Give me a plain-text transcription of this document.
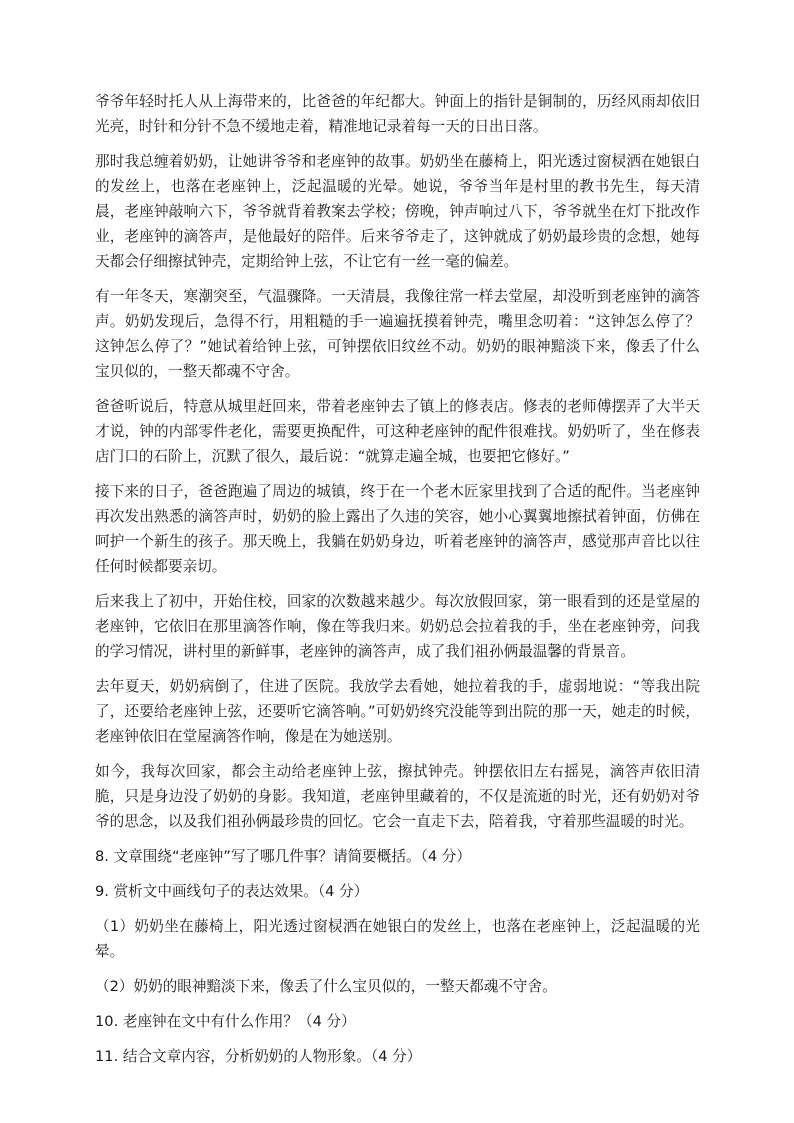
爷爷年轻时托人从上海带来的，比爸爸的年纪都大。钟面上的指针是铜制的，历经风雨却依旧光亮，时针和分针不急不缓地走着，精准地记录着每一天的日出日落。

那时我总缠着奶奶，让她讲爷爷和老座钟的故事。奶奶坐在藤椅上，阳光透过窗棂洒在她银白的发丝上，也落在老座钟上，泛起温暖的光晕。她说，爷爷当年是村里的教书先生，每天清晨，老座钟敲响六下，爷爷就背着教案去学校；傍晚，钟声响过八下，爷爷就坐在灯下批改作业，老座钟的滴答声，是他最好的陪伴。后来爷爷走了，这钟就成了奶奶最珍贵的念想，她每天都会仔细擦拭钟壳，定期给钟上弦，不让它有一丝一毫的偏差。

有一年冬天，寒潮突至，气温骤降。一天清晨，我像往常一样去堂屋，却没听到老座钟的滴答声。奶奶发现后，急得不行，用粗糙的手一遍遍抚摸着钟壳，嘴里念叨着：“这钟怎么停了？这钟怎么停了？”她试着给钟上弦，可钟摆依旧纹丝不动。奶奶的眼神黯淡下来，像丢了什么宝贝似的，一整天都魂不守舍。

爸爸听说后，特意从城里赶回来，带着老座钟去了镇上的修表店。修表的老师傅摆弄了大半天才说，钟的内部零件老化，需要更换配件，可这种老座钟的配件很难找。奶奶听了，坐在修表店门口的石阶上，沉默了很久，最后说：“就算走遍全城，也要把它修好。”

接下来的日子，爸爸跑遍了周边的城镇，终于在一个老木匠家里找到了合适的配件。当老座钟再次发出熟悉的滴答声时，奶奶的脸上露出了久违的笑容，她小心翼翼地擦拭着钟面，仿佛在呵护一个新生的孩子。那天晚上，我躺在奶奶身边，听着老座钟的滴答声，感觉那声音比以往任何时候都要亲切。

后来我上了初中，开始住校，回家的次数越来越少。每次放假回家，第一眼看到的还是堂屋的老座钟，它依旧在那里滴答作响，像在等我归来。奶奶总会拉着我的手，坐在老座钟旁，问我的学习情况，讲村里的新鲜事，老座钟的滴答声，成了我们祖孙俩最温馨的背景音。

去年夏天，奶奶病倒了，住进了医院。我放学去看她，她拉着我的手，虚弱地说：“等我出院了，还要给老座钟上弦，还要听它滴答响。”可奶奶终究没能等到出院的那一天，她走的时候，老座钟依旧在堂屋滴答作响，像是在为她送别。

如今，我每次回家，都会主动给老座钟上弦，擦拭钟壳。钟摆依旧左右摇晃，滴答声依旧清脆，只是身边没了奶奶的身影。我知道，老座钟里藏着的，不仅是流逝的时光，还有奶奶对爷爷的思念，以及我们祖孙俩最珍贵的回忆。它会一直走下去，陪着我，守着那些温暖的时光。

8. 文章围绕“老座钟”写了哪几件事？请简要概括。（4 分）

9. 赏析文中画线句子的表达效果。（4 分）

（1）奶奶坐在藤椅上，阳光透过窗棂洒在她银白的发丝上，也落在老座钟上，泛起温暖的光晕。

（2）奶奶的眼神黯淡下来，像丢了什么宝贝似的，一整天都魂不守舍。

10. 老座钟在文中有什么作用？（4 分）

11. 结合文章内容，分析奶奶的人物形象。（4 分）
